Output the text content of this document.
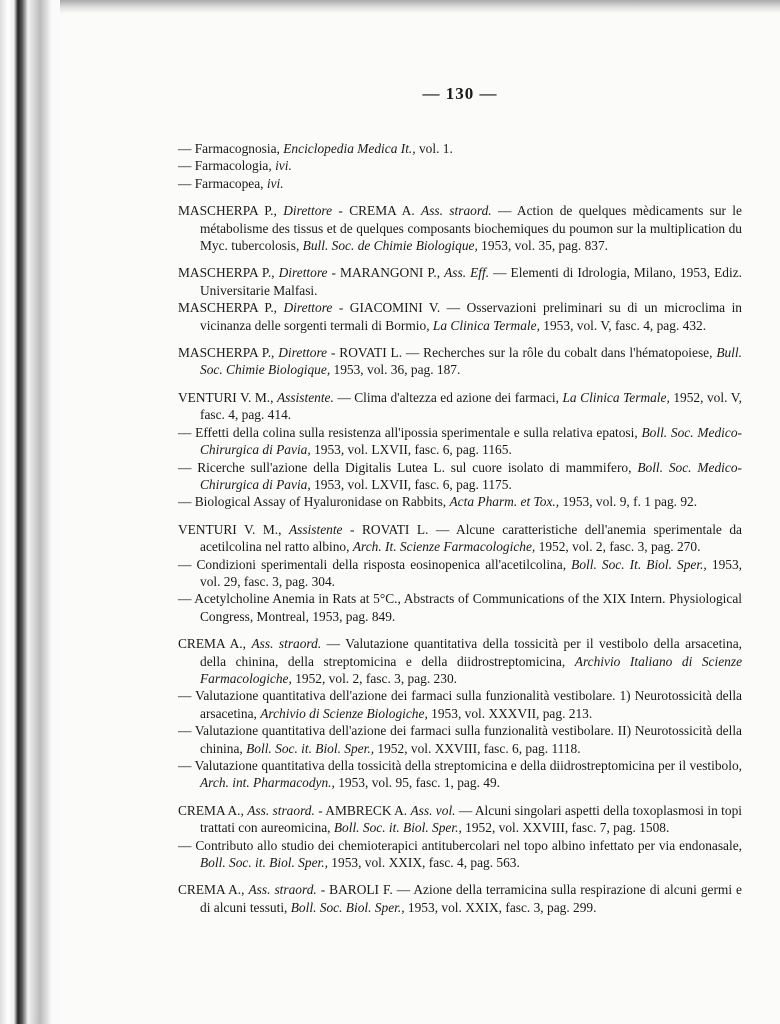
— 130 —
— Farmacognosia, Enciclopedia Medica It., vol. 1.
— Farmacologia, ivi.
— Farmacopea, ivi.
MASCHERPA P., Direttore - CREMA A. Ass. straord. — Action de quelques mèdicaments sur le métabolisme des tissus et de quelques composants biochemiques du poumon sur la multiplication du Myc. tubercolosis, Bull. Soc. de Chimie Biologique, 1953, vol. 35, pag. 837.
MASCHERPA P., Direttore - MARANGONI P., Ass. Eff. — Elementi di Idrologia, Milano, 1953, Ediz. Universitarie Malfasi.
MASCHERPA P., Direttore - GIACOMINI V. — Osservazioni preliminari su di un microclima in vicinanza delle sorgenti termali di Bormio, La Clinica Termale, 1953, vol. V, fasc. 4, pag. 432.
MASCHERPA P., Direttore - ROVATI L. — Recherches sur la rôle du cobalt dans l'hématopoiese, Bull. Soc. Chimie Biologique, 1953, vol. 36, pag. 187.
VENTURI V. M., Assistente. — Clima d'altezza ed azione dei farmaci, La Clinica Termale, 1952, vol. V, fasc. 4, pag. 414.
— Effetti della colina sulla resistenza all'ipossia sperimentale e sulla relativa epatosi, Boll. Soc. Medico-Chirurgica di Pavia, 1953, vol. LXVII, fasc. 6, pag. 1165.
— Ricerche sull'azione della Digitalis Lutea L. sul cuore isolato di mammifero, Boll. Soc. Medico-Chirurgica di Pavia, 1953, vol. LXVII, fasc. 6, pag. 1175.
— Biological Assay of Hyaluronidase on Rabbits, Acta Pharm. et Tox., 1953, vol. 9, f. 1 pag. 92.
VENTURI V. M., Assistente - ROVATI L. — Alcune caratteristiche dell'anemia sperimentale da acetilcolina nel ratto albino, Arch. It. Scienze Farmacologiche, 1952, vol. 2, fasc. 3, pag. 270.
— Condizioni sperimentali della risposta eosinopenica all'acetilcolina, Boll. Soc. It. Biol. Sper., 1953, vol. 29, fasc. 3, pag. 304.
— Acetylcholine Anemia in Rats at 5°C., Abstracts of Communications of the XIX Intern. Physiological Congress, Montreal, 1953, pag. 849.
CREMA A., Ass. straord. — Valutazione quantitativa della tossicità per il vestibolo della arsacetina, della chinina, della streptomicina e della diidrostreptomicina, Archivio Italiano di Scienze Farmacologiche, 1952, vol. 2, fasc. 3, pag. 230.
— Valutazione quantitativa dell'azione dei farmaci sulla funzionalità vestibolare. 1) Neurotossicità della arsacetina, Archivio di Scienze Biologiche, 1953, vol. XXXVII, pag. 213.
— Valutazione quantitativa dell'azione dei farmaci sulla funzionalità vestibolare. II) Neurotossicità della chinina, Boll. Soc. it. Biol. Sper., 1952, vol. XXVIII, fasc. 6, pag. 1118.
— Valutazione quantitativa della tossicità della streptomicina e della diidrostreptomicina per il vestibolo, Arch. int. Pharmacodyn., 1953, vol. 95, fasc. 1, pag. 49.
CREMA A., Ass. straord. - AMBRECK A. Ass. vol. — Alcuni singolari aspetti della toxoplasmosi in topi trattati con aureomicina, Boll. Soc. it. Biol. Sper., 1952, vol. XXVIII, fasc. 7, pag. 1508.
— Contributo allo studio dei chemioterapici antitubercolari nel topo albino infettato per via endonasale, Boll. Soc. it. Biol. Sper., 1953, vol. XXIX, fasc. 4, pag. 563.
CREMA A., Ass. straord. - BAROLI F. — Azione della terramicina sulla respirazione di alcuni germi e di alcuni tessuti, Boll. Soc. Biol. Sper., 1953, vol. XXIX, fasc. 3, pag. 299.
